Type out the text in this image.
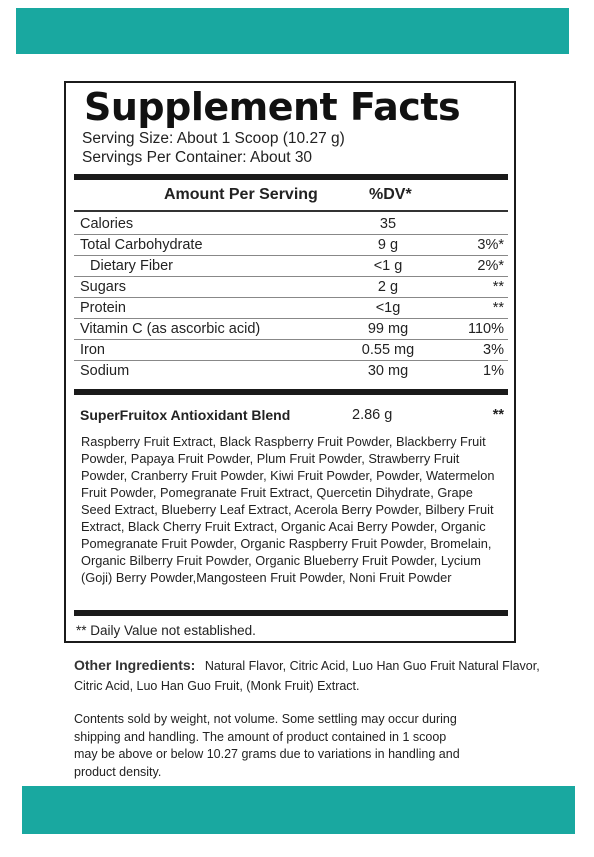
Supplement Facts
Serving Size: About 1 Scoop (10.27 g)
Servings Per Container: About 30
Amount Per Serving	%DV*
Calories	35
Total Carbohydrate	9 g	3%*
Dietary Fiber	<1 g	2%*
Sugars	2 g	**
Protein	<1g	**
Vitamin C (as ascorbic acid)	99 mg	110%
Iron	0.55 mg	3%
Sodium	30 mg	1%
SuperFruitox Antioxidant Blend	2.86 g	**
Raspberry Fruit Extract, Black Raspberry Fruit Powder, Blackberry Fruit Powder, Papaya Fruit Powder, Plum Fruit Powder, Strawberry Fruit Powder, Cranberry Fruit Powder, Kiwi Fruit Powder, Powder, Watermelon Fruit Powder, Pomegranate Fruit Extract, Quercetin Dihydrate, Grape Seed Extract, Blueberry Leaf Extract, Acerola Berry Powder, Bilbery Fruit Extract, Black Cherry Fruit Extract, Organic Acai Berry Powder, Organic Pomegranate Fruit Powder, Organic Raspberry Fruit Powder, Bromelain, Organic Bilberry Fruit Powder, Organic Blueberry Fruit Powder, Lycium (Goji) Berry Powder,Mangosteen Fruit Powder, Noni Fruit Powder
** Daily Value not established.
Other Ingredients: Natural Flavor, Citric Acid, Luo Han Guo Fruit Natural Flavor, Citric Acid, Luo Han Guo Fruit, (Monk Fruit) Extract.
Contents sold by weight, not volume. Some settling may occur during shipping and handling. The amount of product contained in 1 scoop may be above or below 10.27 grams due to variations in handling and product density.
